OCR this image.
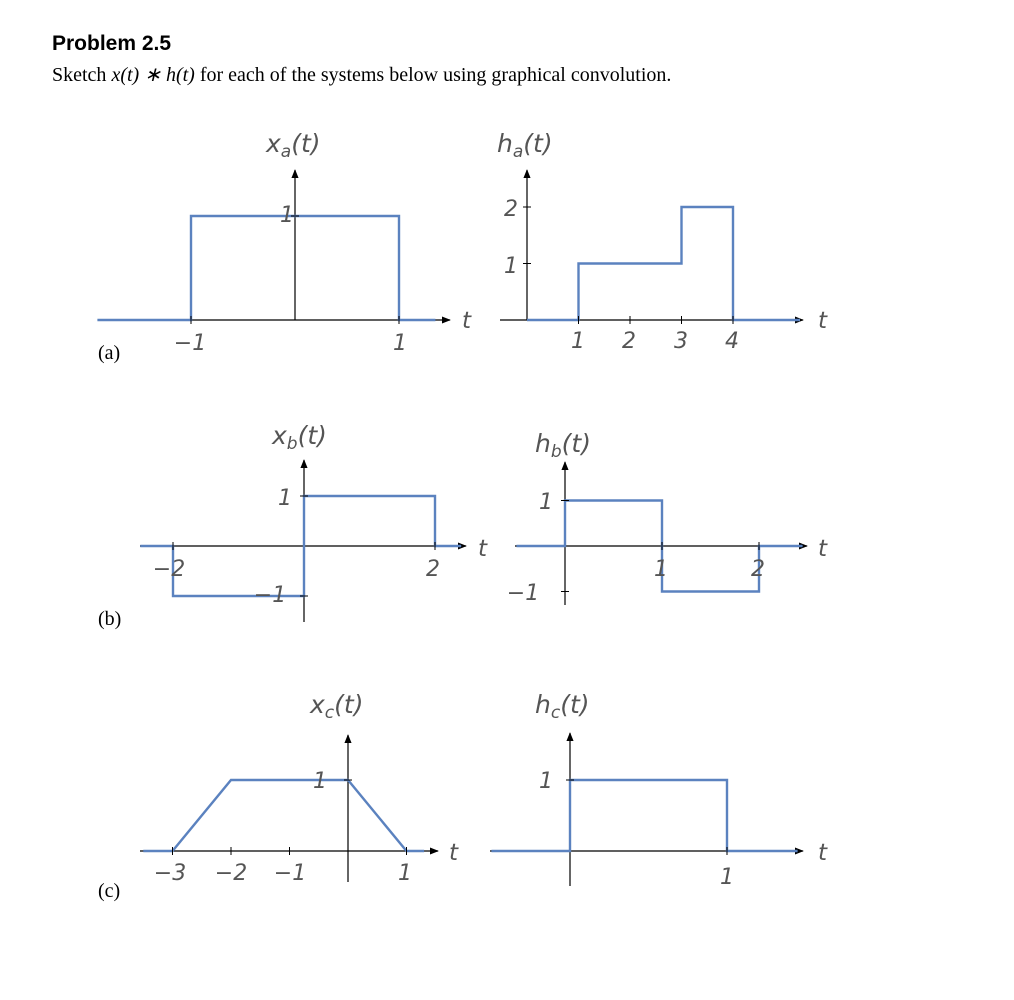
Problem 2.5
Sketch x(t) ∗ h(t) for each of the systems below using graphical convolution.
(a)
(b)
(c)
$x_a(t)$
−1	1
1
t
$h_a(t)$
1 2 3 4
2
1
t
$x_b(t)$
−2	2
1
−1
t
$h_b(t)$
1	2
1
−1
t
$x_c(t)$
−3 −2 −1	1
1
t
$h_c(t)$
1
1
t
